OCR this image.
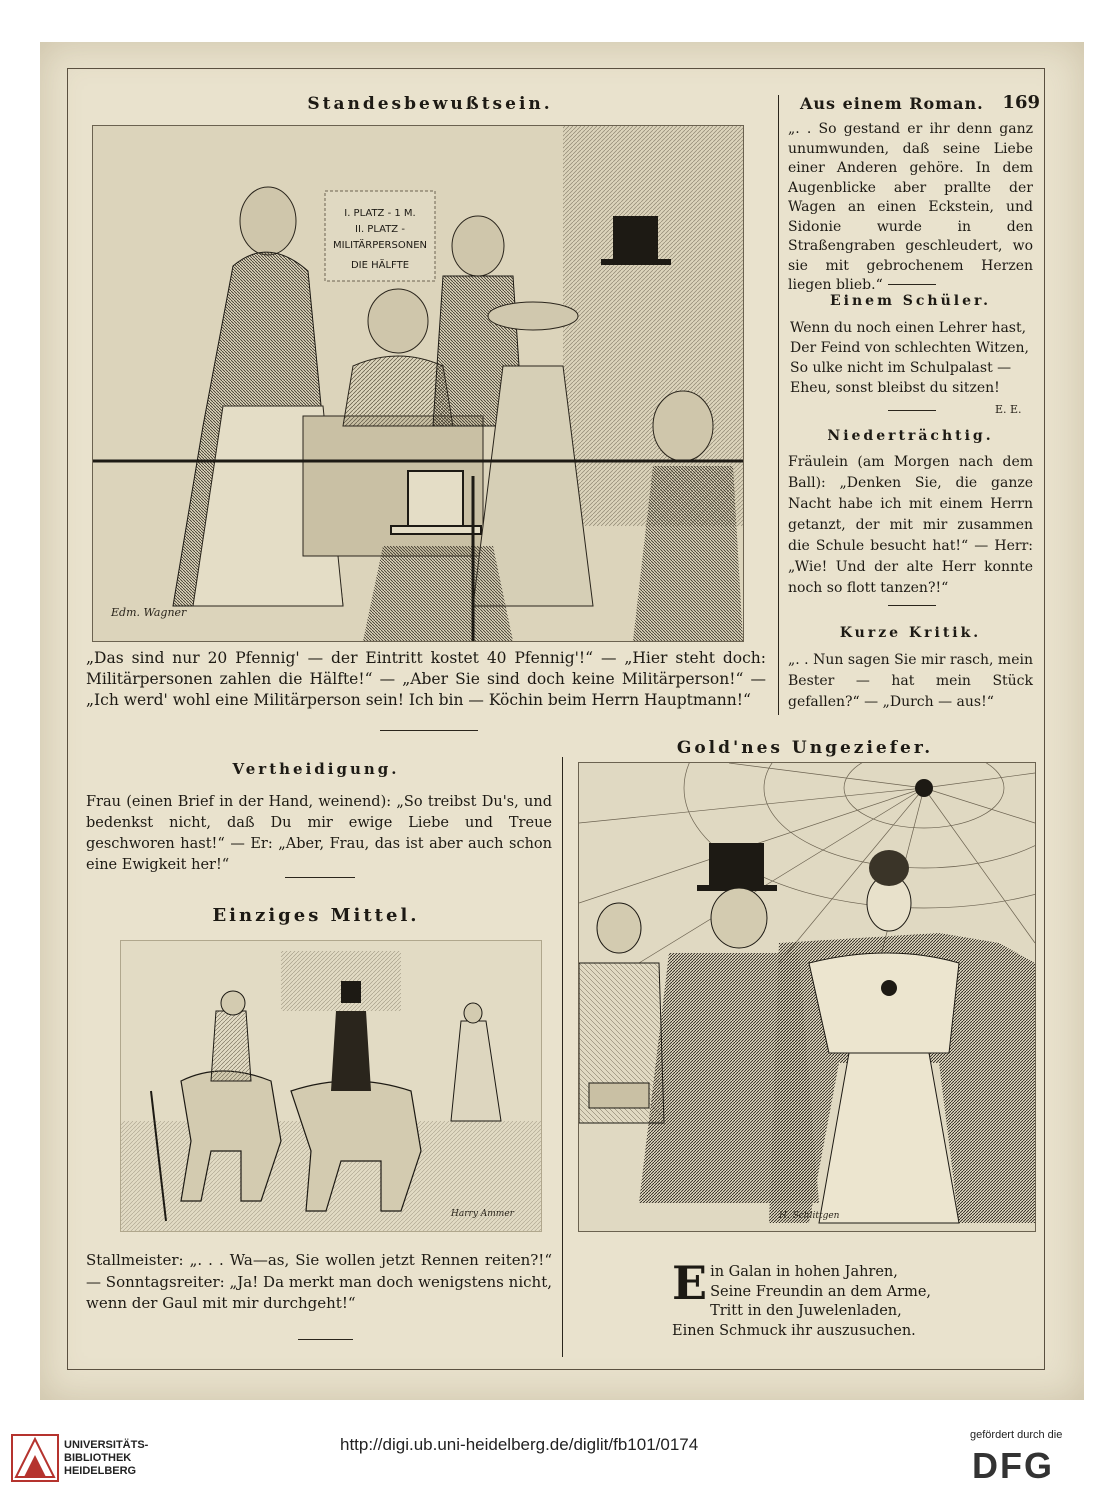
Standesbewußtsein.
I. PLATZ - 1 M.
II. PLATZ -
MILITÄRPERSONEN
DIE HÄLFTE
Edm. Wagner
„Das sind nur 20 Pfennig' — der Eintritt kostet 40 Pfennig'!“ — „Hier steht doch: Militärpersonen zahlen die Hälfte!“ — „Aber Sie sind doch keine Militärperson!“ — „Ich werd' wohl eine Militärperson sein! Ich bin — Köchin beim Herrn Hauptmann!“
Aus einem Roman.	169
„. . So gestand er ihr denn ganz unumwunden, daß seine Liebe einer Anderen gehöre. In dem Augenblicke aber prallte der Wagen an einen Eckstein, und Sidonie wurde in den Straßengraben geschleudert, wo sie mit gebrochenem Herzen liegen blieb.“
Einem Schüler.
Wenn du noch einen Lehrer hast,
Der Feind von schlechten Witzen,
So ulke nicht im Schulpalast —
Eheu, sonst bleibst du sitzen!
E. E.
Niederträchtig.
Fräulein (am Morgen nach dem Ball): „Denken Sie, die ganze Nacht habe ich mit einem Herrn getanzt, der mit mir zusammen die Schule besucht hat!“ — Herr: „Wie! Und der alte Herr konnte noch so flott tanzen?!“
Kurze Kritik.
„. . Nun sagen Sie mir rasch, mein Bester — hat mein Stück gefallen?“ — „Durch — aus!“
Vertheidigung.
Frau (einen Brief in der Hand, weinend): „So treibst Du's, und bedenkst nicht, daß Du mir ewige Liebe und Treue geschworen hast!“ — Er: „Aber, Frau, das ist aber auch schon eine Ewigkeit her!“
Einziges Mittel.
Harry Ammer
Stallmeister: „. . . Wa—as, Sie wollen jetzt Rennen reiten?!“ — Sonntagsreiter: „Ja! Da merkt man doch wenigstens nicht, wenn der Gaul mit mir durchgeht!“
Gold'nes Ungeziefer.
H. Schlittgen
E in Galan in hohen Jahren,
Seine Freundin an dem Arme,
Tritt in den Juwelenladen,
Einen Schmuck ihr auszusuchen.
UNIVERSITÄTS-
BIBLIOTHEK
HEIDELBERG
http://digi.ub.uni-heidelberg.de/diglit/fb101/0174	gefördert durch die
DFG
